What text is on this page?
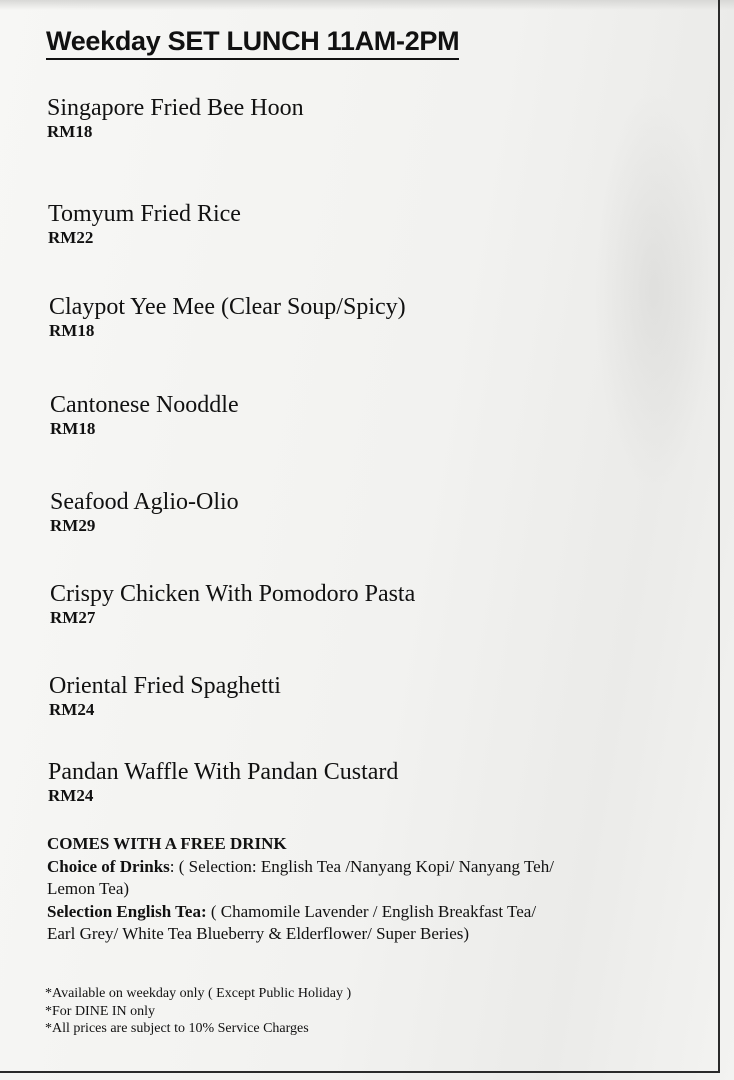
Weekday SET LUNCH 11AM-2PM
Singapore Fried Bee Hoon
RM18
Tomyum Fried Rice
RM22
Claypot Yee Mee (Clear Soup/Spicy)
RM18
Cantonese Nooddle
RM18
Seafood Aglio-Olio
RM29
Crispy Chicken With Pomodoro Pasta
RM27
Oriental Fried Spaghetti
RM24
Pandan Waffle With Pandan Custard
RM24
COMES WITH A FREE DRINK
Choice of Drinks: ( Selection: English Tea /Nanyang Kopi/ Nanyang Teh/
Lemon Tea)
Selection English Tea: ( Chamomile Lavender / English Breakfast Tea/
Earl Grey/ White Tea Blueberry & Elderflower/ Super Beries)
*Available on weekday only ( Except Public Holiday )
*For DINE IN only
*All prices are subject to 10% Service Charges
